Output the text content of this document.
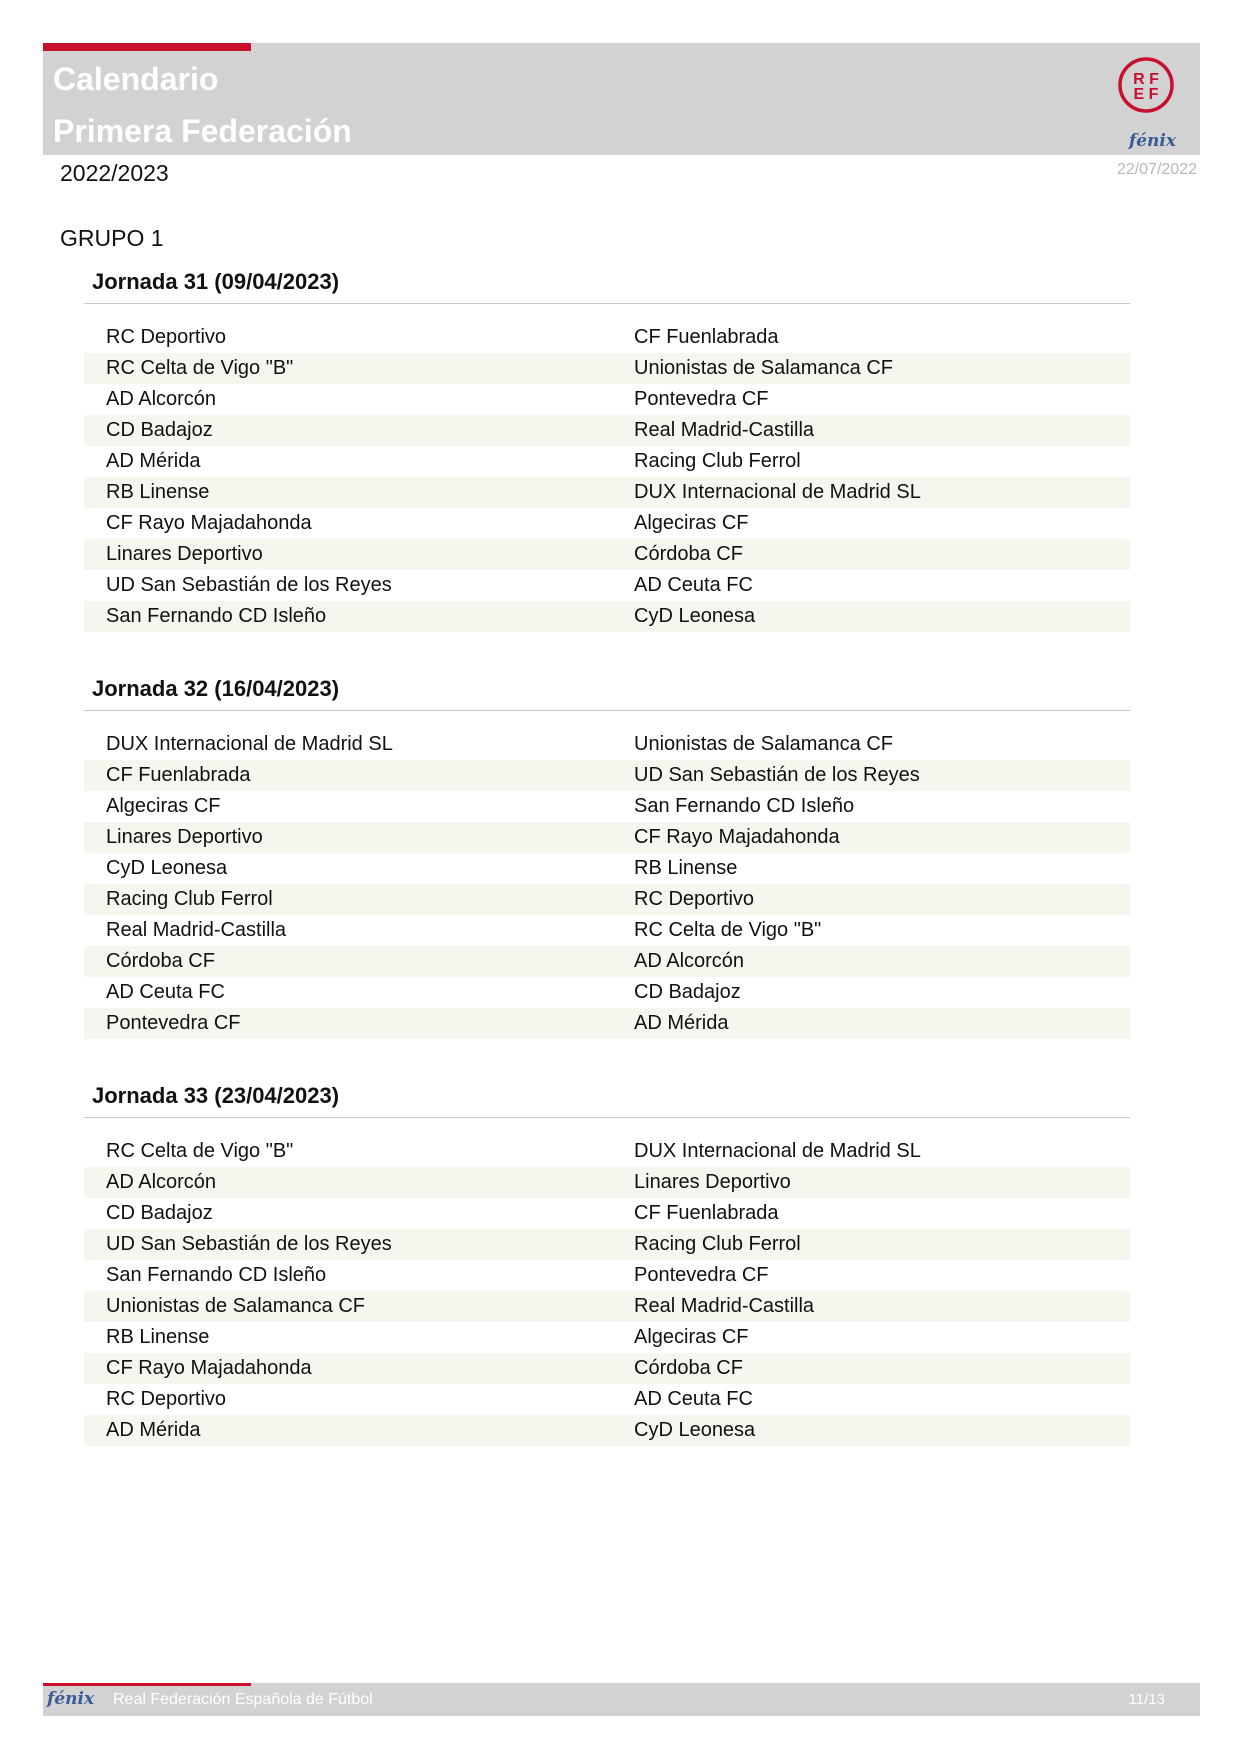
Calendario
Primera Federación
R F
E F
fénix
2022/2023	22/07/2022
GRUPO 1
Jornada 31 (09/04/2023)
RC Deportivo	CF Fuenlabrada
RC Celta de Vigo "B"	Unionistas de Salamanca CF
AD Alcorcón	Pontevedra CF
CD Badajoz	Real Madrid-Castilla
AD Mérida	Racing Club Ferrol
RB Linense	DUX Internacional de Madrid SL
CF Rayo Majadahonda	Algeciras CF
Linares Deportivo	Córdoba CF
UD San Sebastián de los Reyes	AD Ceuta FC
San Fernando CD Isleño	CyD Leonesa
Jornada 32 (16/04/2023)
DUX Internacional de Madrid SL	Unionistas de Salamanca CF
CF Fuenlabrada	UD San Sebastián de los Reyes
Algeciras CF	San Fernando CD Isleño
Linares Deportivo	CF Rayo Majadahonda
CyD Leonesa	RB Linense
Racing Club Ferrol	RC Deportivo
Real Madrid-Castilla	RC Celta de Vigo "B"
Córdoba CF	AD Alcorcón
AD Ceuta FC	CD Badajoz
Pontevedra CF	AD Mérida
Jornada 33 (23/04/2023)
RC Celta de Vigo "B"	DUX Internacional de Madrid SL
AD Alcorcón	Linares Deportivo
CD Badajoz	CF Fuenlabrada
UD San Sebastián de los Reyes	Racing Club Ferrol
San Fernando CD Isleño	Pontevedra CF
Unionistas de Salamanca CF	Real Madrid-Castilla
RB Linense	Algeciras CF
CF Rayo Majadahonda	Córdoba CF
RC Deportivo	AD Ceuta FC
AD Mérida	CyD Leonesa
fénix Real Federación Española de Fútbol	11/13
